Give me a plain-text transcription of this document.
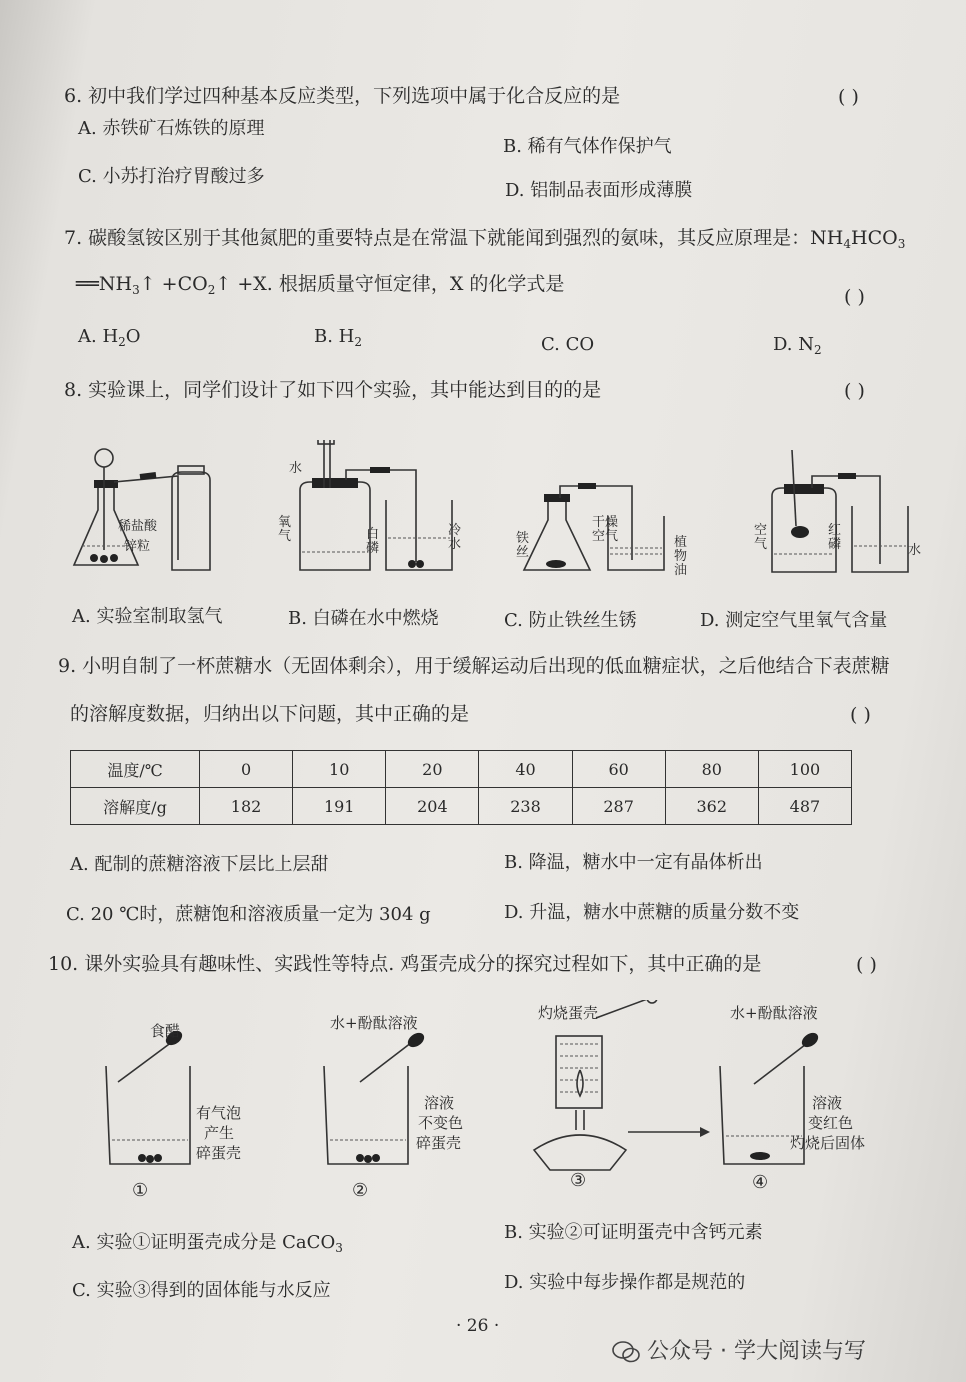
6. 初中我们学过四种基本反应类型，下列选项中属于化合反应的是	( )
A. 赤铁矿石炼铁的原理
B. 稀有气体作保护气
C. 小苏打治疗胃酸过多
D. 铝制品表面形成薄膜
7. 碳酸氢铵区别于其他氮肥的重要特点是在常温下就能闻到强烈的氨味，其反应原理是：$NH_4HCO_3$
$══NH_3↑$ $+CO_2↑ +X$. 根据质量守恒定律，X 的化学式是
( )
A. $H_2O$	B. $H_2$	C. CO	D. $N_2$
8. 实验课上，同学们设计了如下四个实验，其中能达到目的的是	( )
稀盐酸
锌粒
水
氧气	白磷
冷水
干燥空气
铁丝
植物油
空气
红磷	水
A. 实验室制取氢气	B. 白磷在水中燃烧	C. 防止铁丝生锈	D. 测定空气里氧气含量
9. 小明自制了一杯蔗糖水（无固体剩余），用于缓解运动后出现的低血糖症状，之后他结合下表蔗糖
的溶解度数据，归纳出以下问题，其中正确的是	( )
温度/℃	0	10	20	40	60	80	100
溶解度/g	182	191	204	238	287	362	487
A. 配制的蔗糖溶液下层比上层甜	B. 降温，糖水中一定有晶体析出
C. 20 ℃时，蔗糖饱和溶液质量一定为 304 g	D. 升温，糖水中蔗糖的质量分数不变
10. 课外实验具有趣味性、实践性等特点. 鸡蛋壳成分的探究过程如下，其中正确的是	( )
食醋
有气泡
产生
碎蛋壳
水+酚酞溶液
溶液
不变色
碎蛋壳
灼烧蛋壳	水+酚酞溶液
溶液
变红色
灼烧后固体
①	②	③	④
A. 实验①证明蛋壳成分是 CaCO$_3$
B. 实验②可证明蛋壳中含钙元素
C. 实验③得到的固体能与水反应	D. 实验中每步操作都是规范的
· 26 ·
公众号 · 学大阅读与写
